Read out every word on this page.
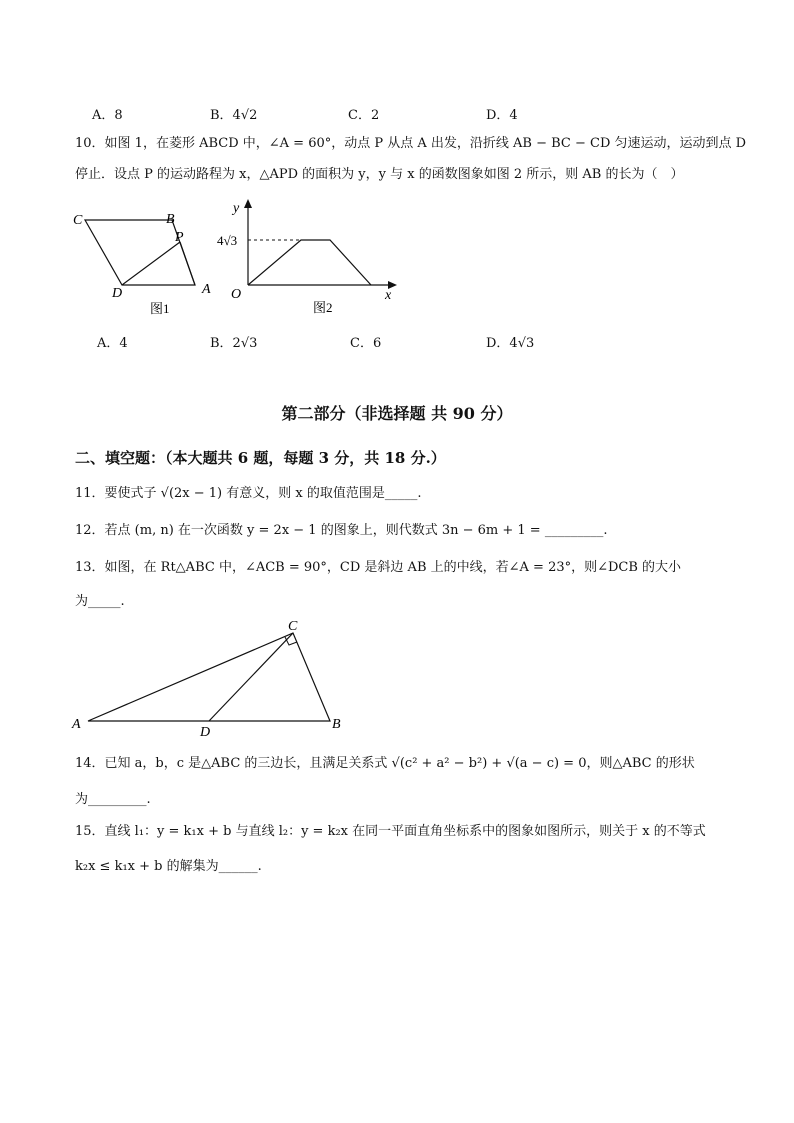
A．8	B．4√2	C．2	D．4
10．如图 1，在菱形 ABCD 中，∠A = 60°，动点 P 从点 A 出发，沿折线 AB − BC − CD 匀速运动，运动到点 D
停止．设点 P 的运动路程为 x，△APD 的面积为 y，y 与 x 的函数图象如图 2 所示，则 AB 的长为（　）
C	B
P
D	A
图1
y
x
O
4√3
图2
A．4	B．2√3	C．6	D．4√3
第二部分（非选择题 共 90 分）
二、填空题：（本大题共 6 题，每题 3 分，共 18 分.）
11．要使式子 √(2x − 1) 有意义，则 x 的取值范围是_____.
12．若点 (m, n) 在一次函数 y = 2x − 1 的图象上，则代数式 3n − 6m + 1 = _________.
13．如图，在 Rt△ABC 中，∠ACB = 90°，CD 是斜边 AB 上的中线，若∠A = 23°，则∠DCB 的大小
为_____.
C
A
D
B
14．已知 a，b，c 是△ABC 的三边长，且满足关系式 √(c² + a² − b²) + √(a − c) = 0，则△ABC 的形状
为_________.
15．直线 l₁：y = k₁x + b 与直线 l₂：y = k₂x 在同一平面直角坐标系中的图象如图所示，则关于 x 的不等式
k₂x ≤ k₁x + b 的解集为______.
